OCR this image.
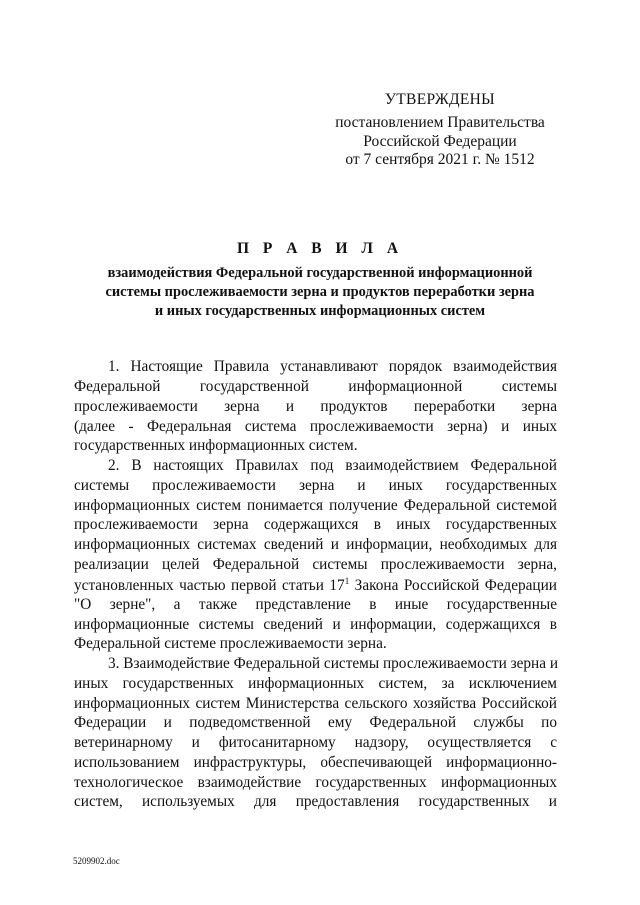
УТВЕРЖДЕНЫ
постановлением Правительства
Российской Федерации
от 7 сентября 2021 г. № 1512
П Р А В И Л А
взаимодействия Федеральной государственной информационной
системы прослеживаемости зерна и продуктов переработки зерна
и иных государственных информационных систем
1. Настоящие Правила устанавливают порядок взаимодействия
Федеральной государственной информационной системы
прослеживаемости зерна и продуктов переработки зерна
(далее - Федеральная система прослеживаемости зерна) и иных
государственных информационных систем.
2. В настоящих Правилах под взаимодействием Федеральной
системы прослеживаемости зерна и иных государственных
информационных систем понимается получение Федеральной системой
прослеживаемости зерна содержащихся в иных государственных
информационных системах сведений и информации, необходимых для
реализации целей Федеральной системы прослеживаемости зерна,
установленных частью первой статьи $17^1$ Закона Российской Федерации
"О зерне", а также представление в иные государственные
информационные системы сведений и информации, содержащихся в
Федеральной системе прослеживаемости зерна.
3. Взаимодействие Федеральной системы прослеживаемости зерна и
иных государственных информационных систем, за исключением
информационных систем Министерства сельского хозяйства Российской
Федерации и подведомственной ему Федеральной службы по
ветеринарному и фитосанитарному надзору, осуществляется с
использованием инфраструктуры, обеспечивающей информационно-
технологическое взаимодействие государственных информационных
систем, используемых для предоставления государственных и
5209902.doc
